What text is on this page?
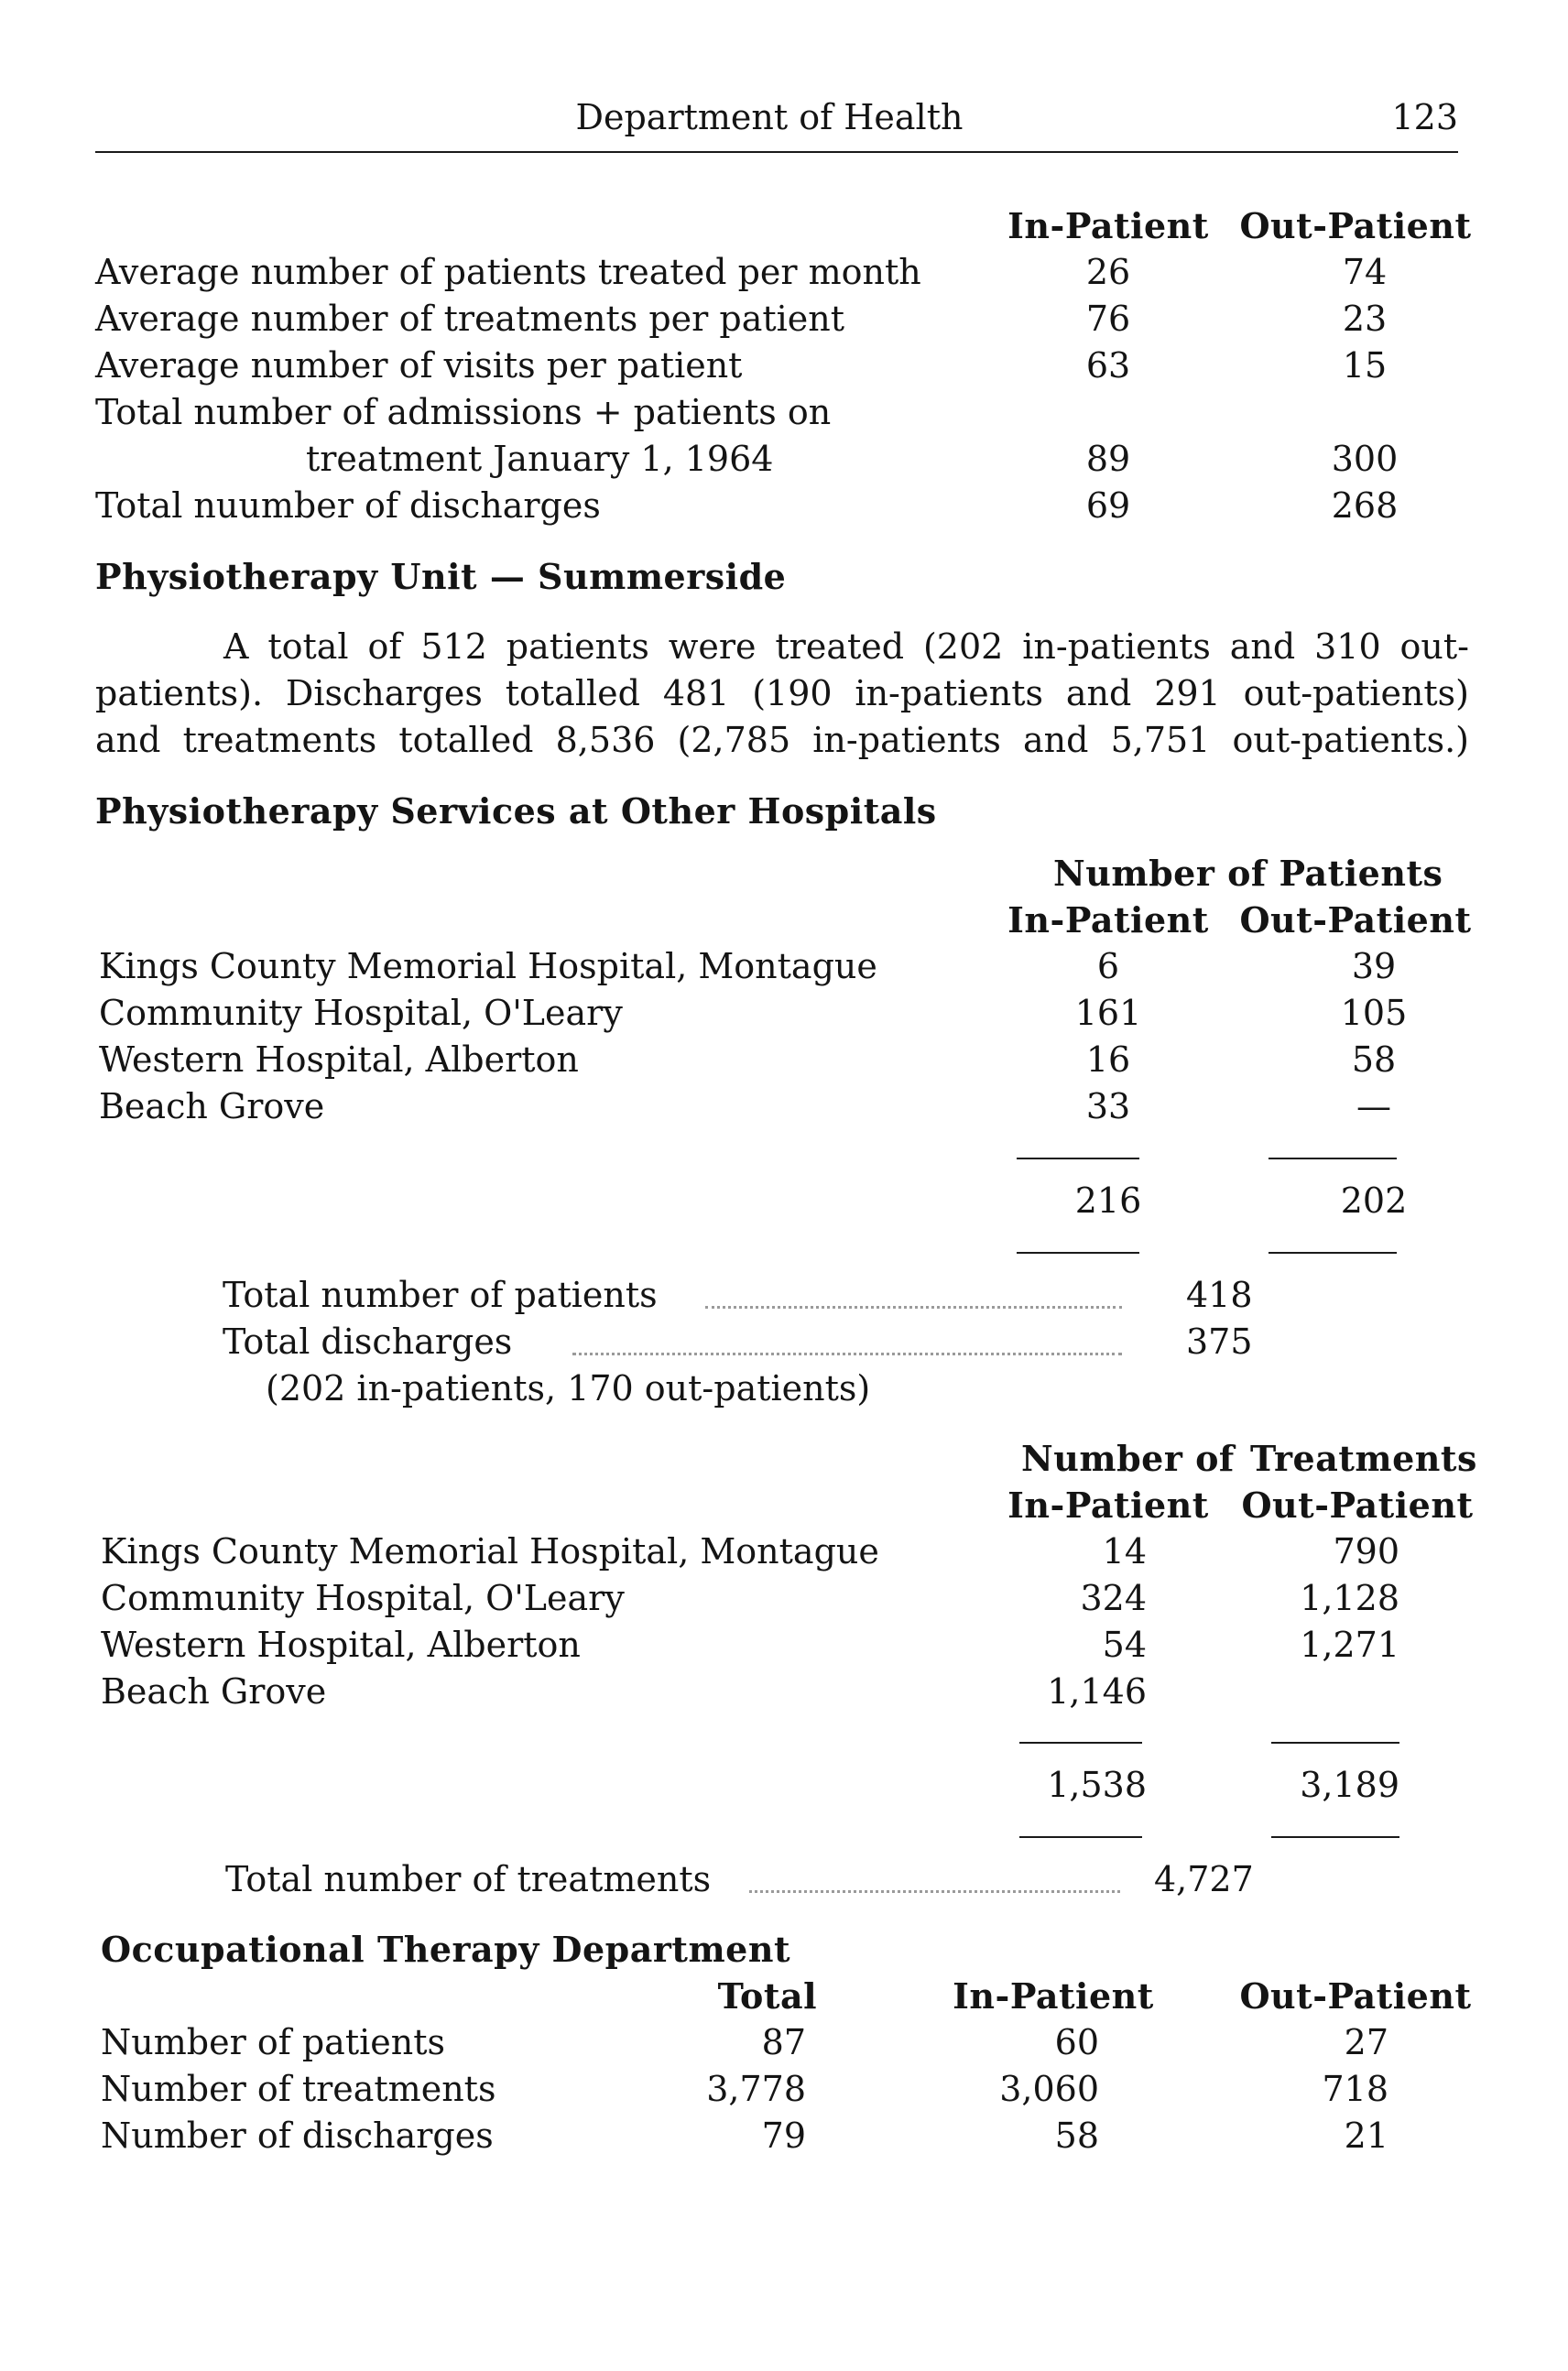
Department of Health	123
In-Patient Out-Patient
Average number of patients treated per month	26	74
Average number of treatments per patient	76	23
Average number of visits per patient	63	15
Total number of admissions + patients on
treatment January 1, 1964	89	300
Total nuumber of discharges	69	268
Physiotherapy Unit — Summerside
A total of 512 patients were treated (202 in-patients and 310 out-
patients). Discharges totalled 481 (190 in-patients and 291 out-patients)
and treatments totalled 8,536 (2,785 in-patients and 5,751 out-patients.)
Physiotherapy Services at Other Hospitals
Number of Patients
In-Patient Out-Patient
Kings County Memorial Hospital, Montague	6	39
Community Hospital, O'Leary	161	105
Western Hospital, Alberton	16	58
Beach Grove	33	—
216	202
Total number of patients	418
Total discharges	375
(202 in-patients, 170 out-patients)
Number of Treatments
In-Patient Out-Patient
Kings County Memorial Hospital, Montague	14	790
Community Hospital, O'Leary	324	1,128
Western Hospital, Alberton	54	1,271
Beach Grove	1,146
1,538	3,189
Total number of treatments	4,727
Occupational Therapy Department
Total	In-Patient Out-Patient
Number of patients	87	60	27
Number of treatments	3,778	3,060	718
Number of discharges	79	58	21
